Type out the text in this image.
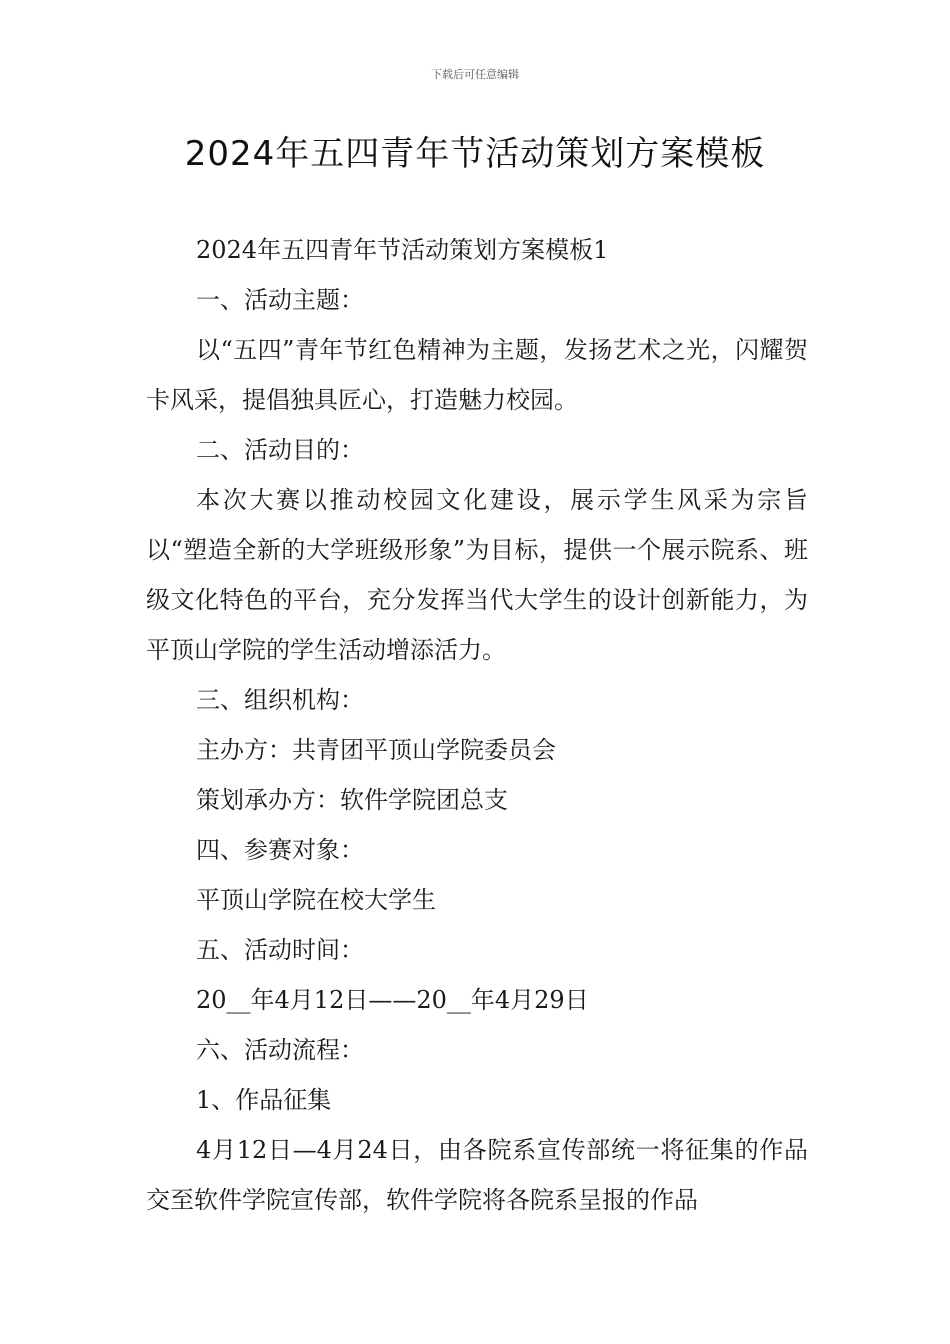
下载后可任意编辑
2024年五四青年节活动策划方案模板

2024年五四青年节活动策划方案模板1

一、活动主题：

以“五四”青年节红色精神为主题，发扬艺术之光，闪耀贺卡风采，提倡独具匠心，打造魅力校园。

二、活动目的：

本次大赛以推动校园文化建设，展示学生风采为宗旨以“塑造全新的大学班级形象”为目标，提供一个展示院系、班级文化特色的平台，充分发挥当代大学生的设计创新能力，为平顶山学院的学生活动增添活力。

三、组织机构：

主办方：共青团平顶山学院委员会

策划承办方：软件学院团总支

四、参赛对象：

平顶山学院在校大学生

五、活动时间：

20__年4月12日——20__年4月29日

六、活动流程：

1、作品征集

4月12日—4月24日，由各院系宣传部统一将征集的作品交至软件学院宣传部，软件学院将各院系呈报的作品
